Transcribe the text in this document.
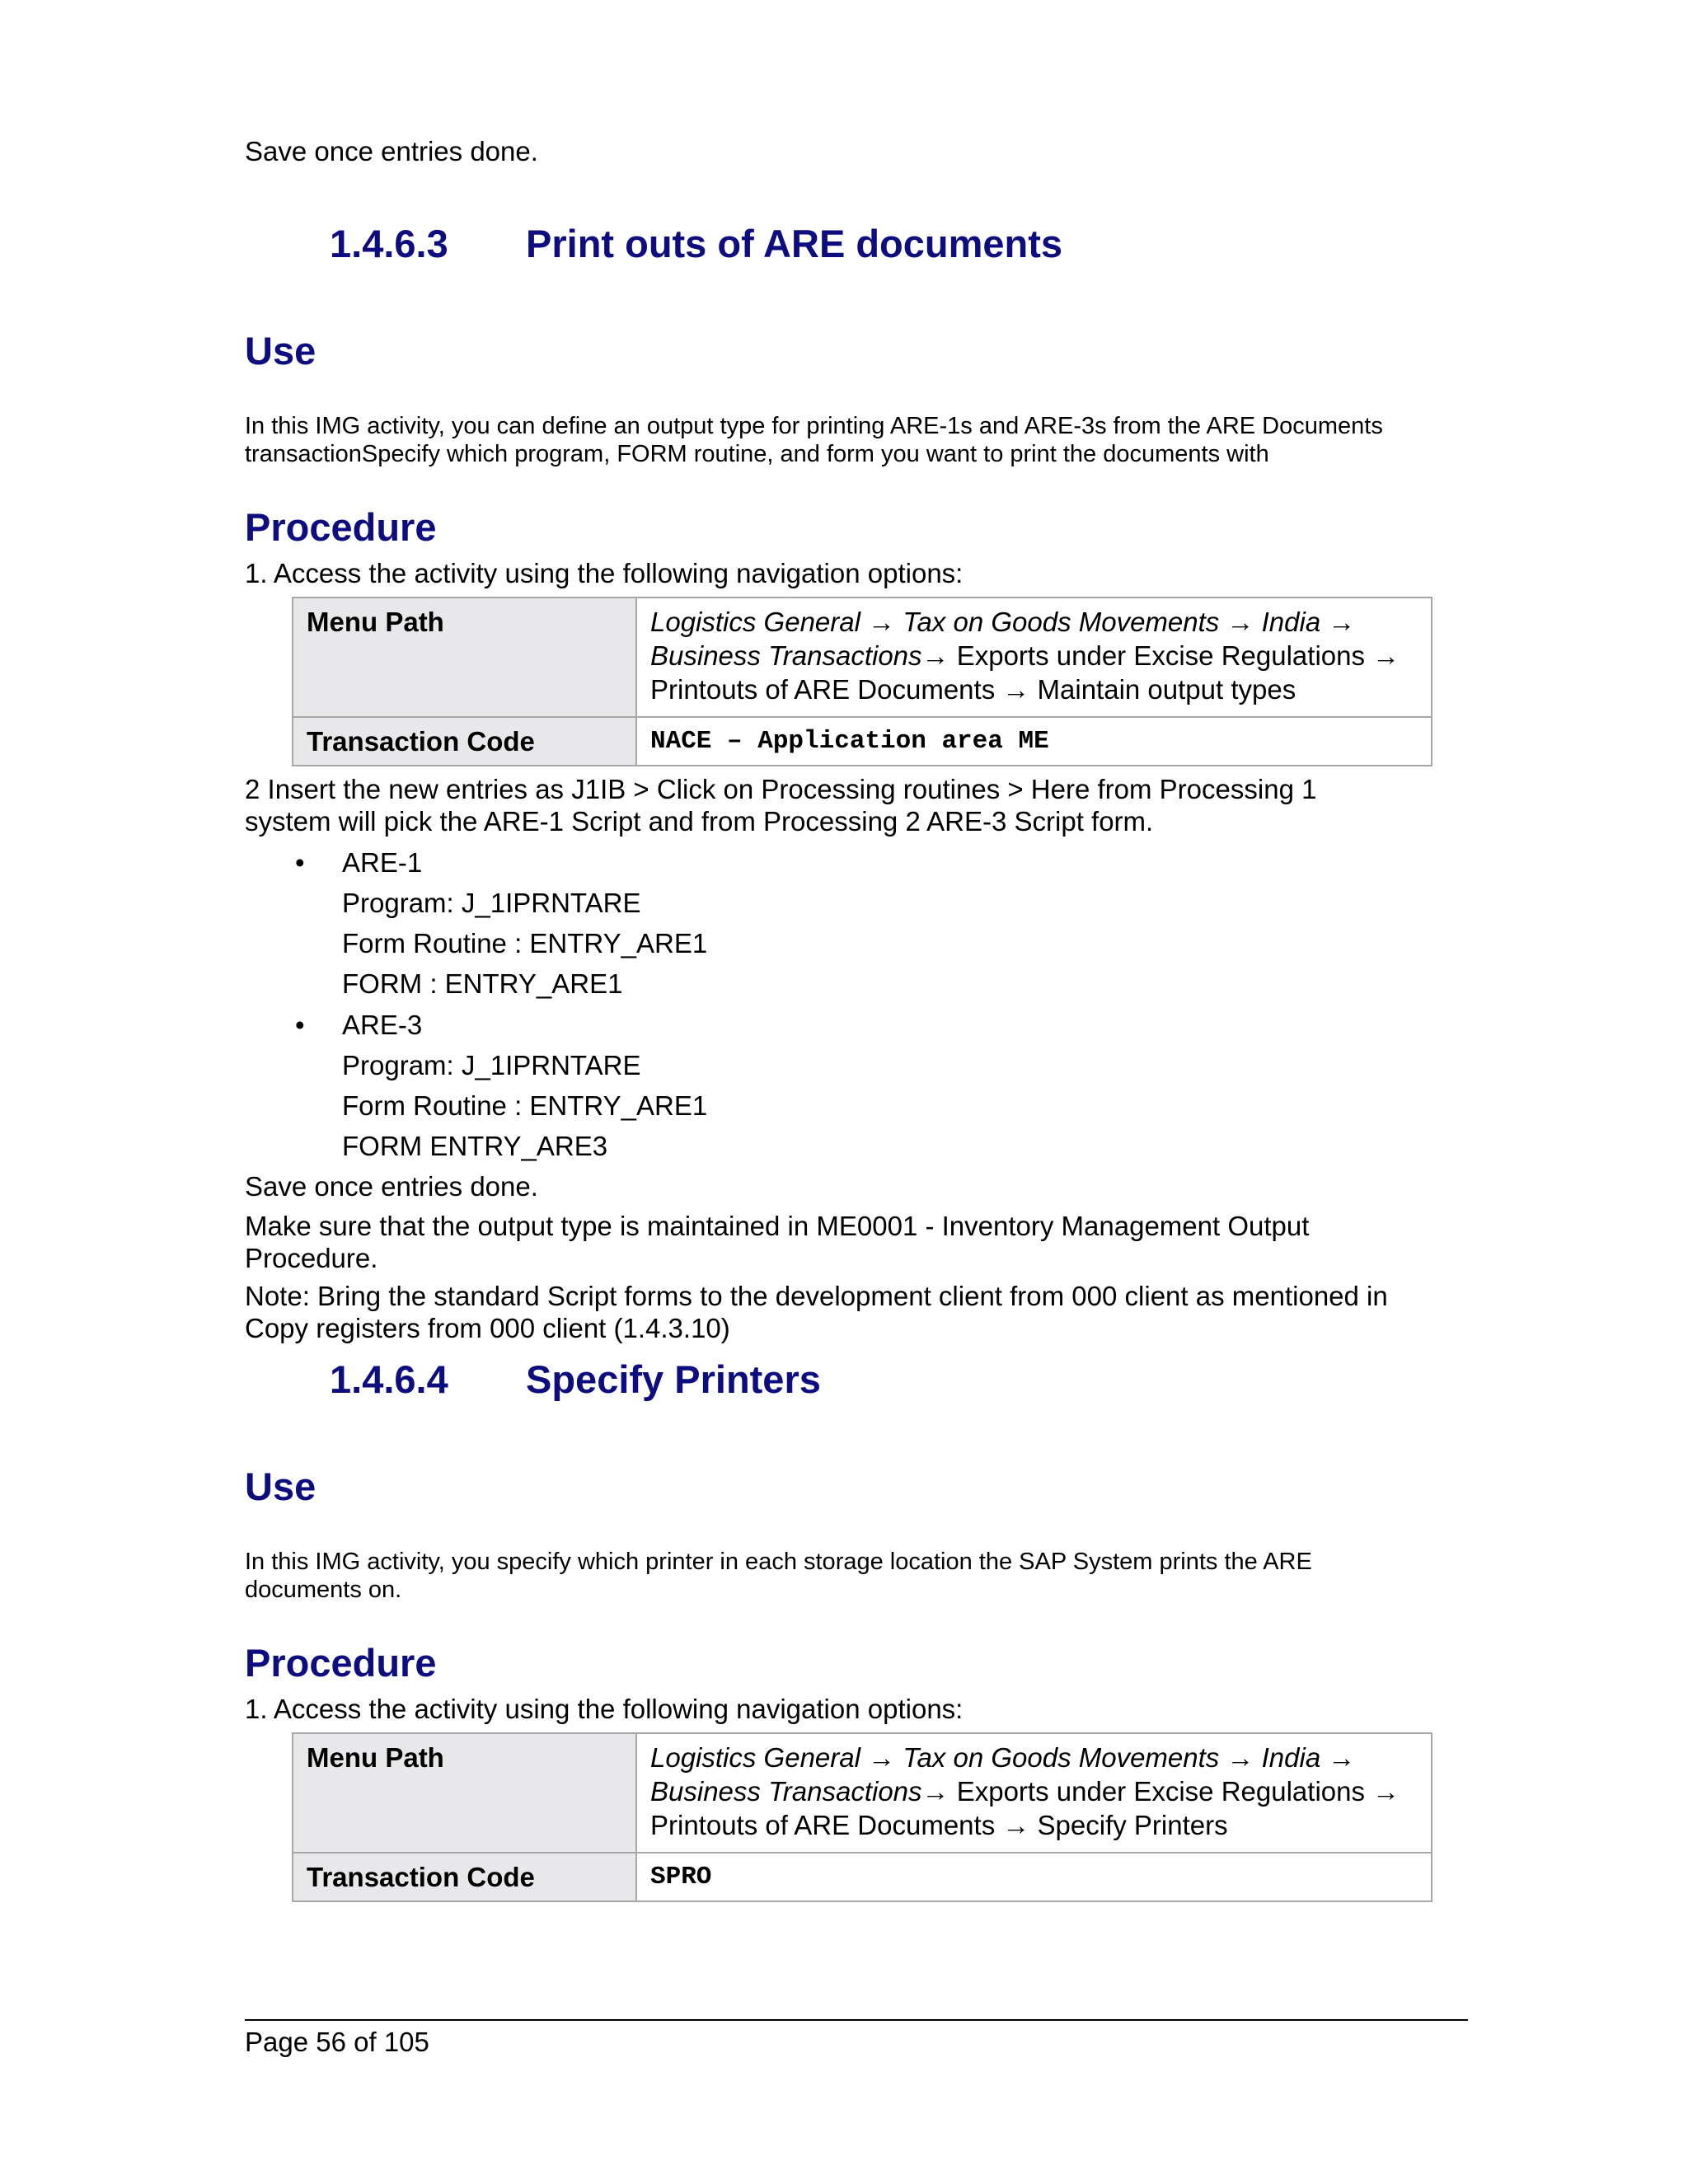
Save once entries done.
1.4.6.3 Print outs of ARE documents
Use
In this IMG activity, you can define an output type for printing ARE-1s and ARE-3s from the ARE Documents
transactionSpecify which program, FORM routine, and form you want to print the documents with
Procedure
1. Access the activity using the following navigation options:
Menu Path	Logistics General → Tax on Goods Movements → India →
Business Transactions→ Exports under Excise Regulations →
Printouts of ARE Documents → Maintain output types
Transaction Code	NACE – Application area ME
2 Insert the new entries as J1IB > Click on Processing routines > Here from Processing 1
system will pick the ARE-1 Script and from Processing 2 ARE-3 Script form.
• ARE-1
Program: J_1IPRNTARE
Form Routine : ENTRY_ARE1
FORM : ENTRY_ARE1
• ARE-3
Program: J_1IPRNTARE
Form Routine : ENTRY_ARE1
FORM ENTRY_ARE3
Save once entries done.
Make sure that the output type is maintained in ME0001 - Inventory Management Output
Procedure.
Note: Bring the standard Script forms to the development client from 000 client as mentioned in
Copy registers from 000 client (1.4.3.10)
1.4.6.4 Specify Printers
Use
In this IMG activity, you specify which printer in each storage location the SAP System prints the ARE
documents on.
Procedure
1. Access the activity using the following navigation options:
Menu Path	Logistics General → Tax on Goods Movements → India →
Business Transactions→ Exports under Excise Regulations →
Printouts of ARE Documents → Specify Printers
Transaction Code	SPRO
Page 56 of 105
